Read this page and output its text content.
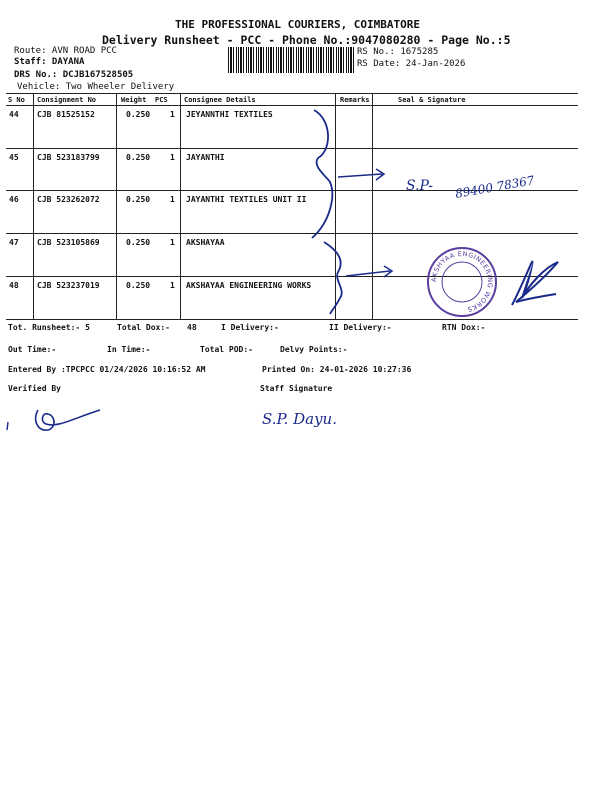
THE PROFESSIONAL COURIERS, COIMBATORE
Delivery Runsheet - PCC - Phone No.:9047080280 - Page No.:5
Route: AVN ROAD PCC
Staff: DAYANA
DRS No.: DCJB167528505
Vehicle: Two Wheeler Delivery
RS No.: 1675285
RS Date: 24-Jan-2026
S No Consignment No	Weight PCS Consignee Details	Remarks	Seal & Signature
44 CJB 81525152	0.250 1 JEYANNTHI TEXTILES
45 CJB 523183799	0.250 1 JAYANTHI
46 CJB 523262072	0.250 1 JAYANTHI TEXTILES UNIT II
47 CJB 523105869	0.250 1 AKSHAYAA
48 CJB 523237019	0.250 1 AKSHAYAA ENGINEERING WORKS
Tot. Runsheet:- 5	Total Dox:- 48	I Delivery:-	II Delivery:-	RTN Dox:-
Out Time:-	In Time:-	Total POD:-	Delvy Points:-
Entered By :TPCPCC 01/24/2026 10:16:52 AM	Printed On: 24-01-2026 10:27:36
Verified By	Staff Signature
S.P- 89400 78367
AKSHYAA ENGINEERING WORKS
S.P. Dayu.
